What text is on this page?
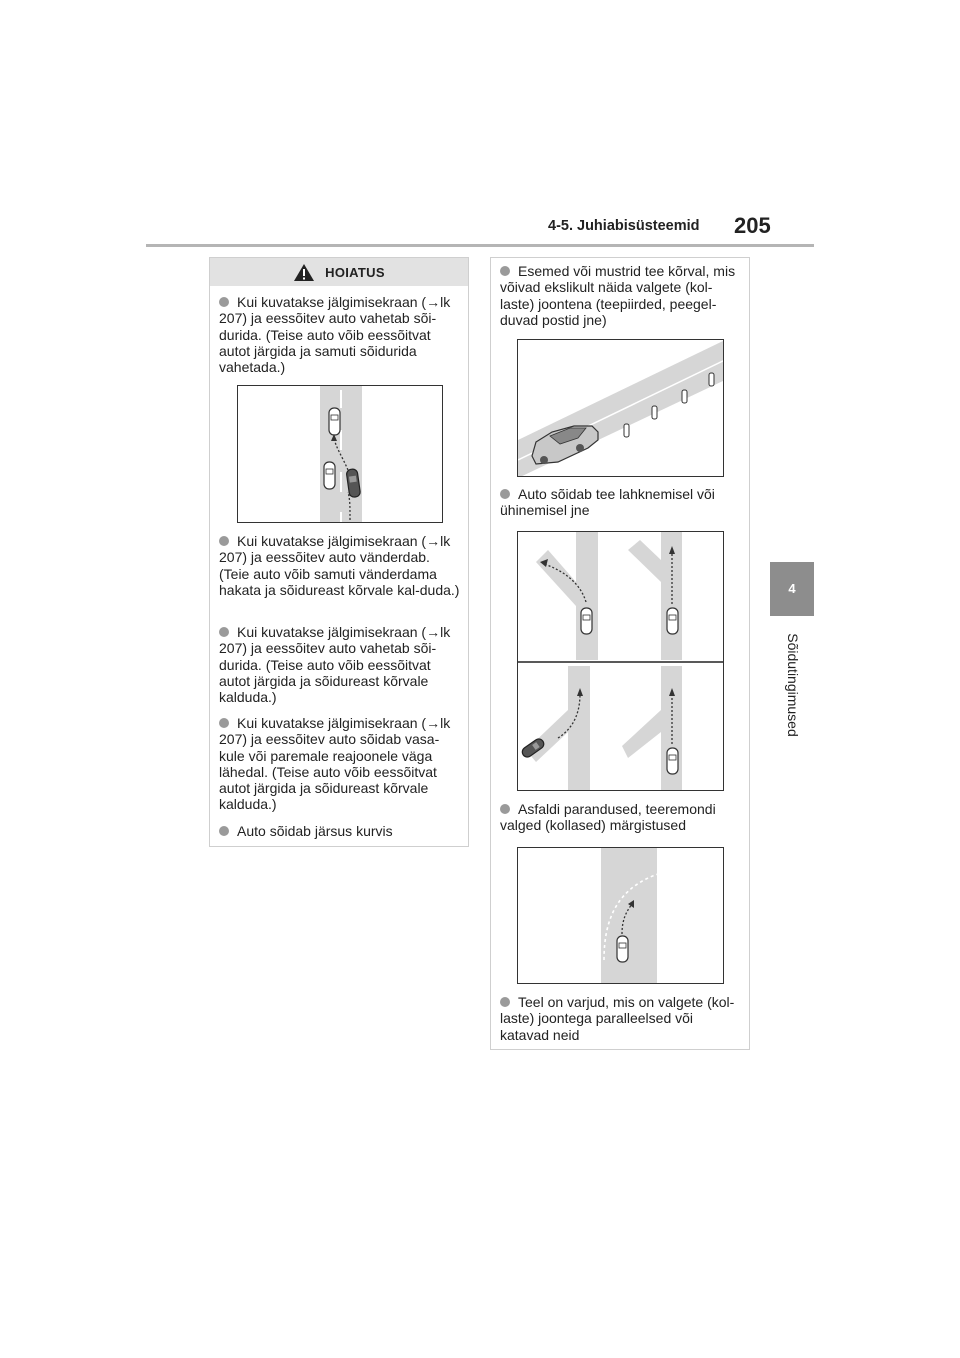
4-5. Juhiabisüsteemid 205
4
Sõidutingimused
HOIATUS
Kui kuvatakse jälgimisekraan (→lk 207) ja eessõitev auto vahetab sõi-durida. (Teise auto võib eessõitvat autot järgida ja samuti sõidurida vahetada.)
Kui kuvatakse jälgimisekraan (→lk 207) ja eessõitev auto vänderdab. (Teie auto võib samuti vänderdama hakata ja sõidureast kõrvale kal-duda.)
Kui kuvatakse jälgimisekraan (→lk 207) ja eessõitev auto vahetab sõi-durida. (Teise auto võib eessõitvat autot järgida ja sõidureast kõrvale kalduda.)
Kui kuvatakse jälgimisekraan (→lk 207) ja eessõitev auto sõidab vasa-kule või paremale reajoonele väga lähedal. (Teise auto võib eessõitvat autot järgida ja sõidureast kõrvale kalduda.)
Auto sõidab järsus kurvis
Esemed või mustrid tee kõrval, mis võivad ekslikult näida valgete (kol-laste) joontena (teepiirded, peegel-duvad postid jne)
Auto sõidab tee lahknemisel või ühinemisel jne
Asfaldi parandused, teeremondi valged (kollased) märgistused
Teel on varjud, mis on valgete (kol-laste) joontega paralleelsed või katavad neid
